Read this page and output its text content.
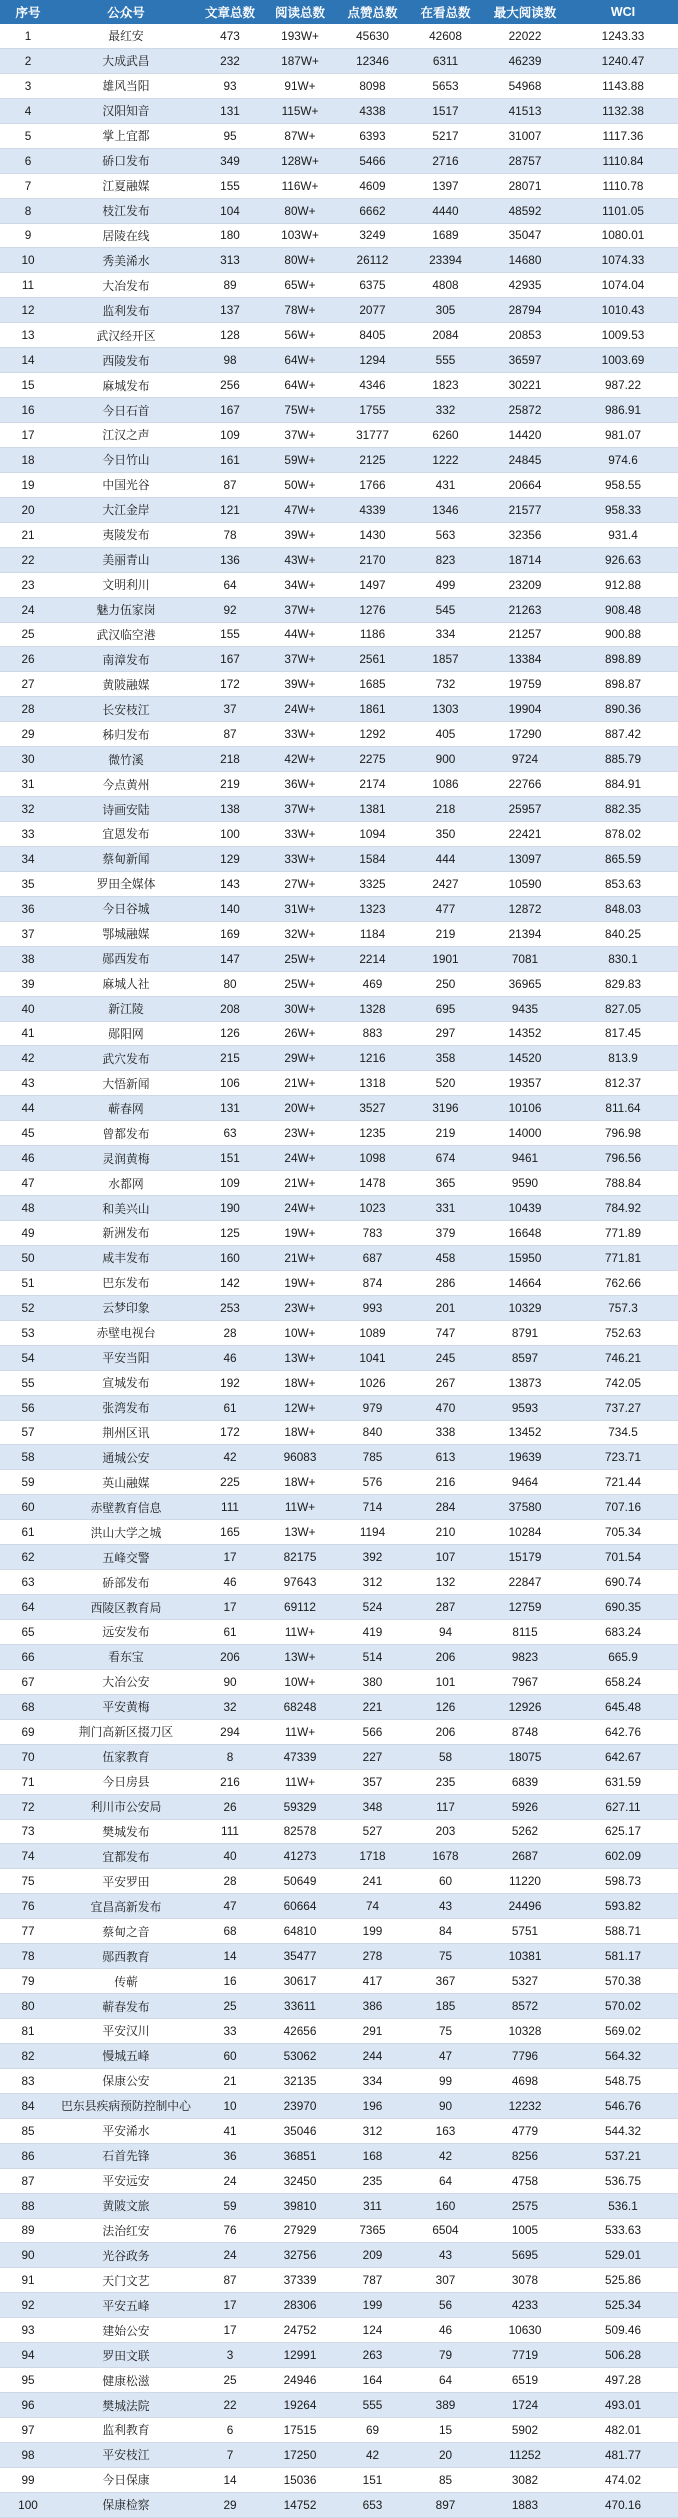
序号	公众号	文章总数	阅读总数	点赞总数	在看总数	最大阅读数	WCI
1	最红安	473	193W+	45630	42608	22022	1243.33
2	大成武昌	232	187W+	12346	6311	46239	1240.47
3	雄风当阳	93	91W+	8098	5653	54968	1143.88
4	汉阳知音	131	115W+	4338	1517	41513	1132.38
5	掌上宜都	95	87W+	6393	5217	31007	1117.36
6	硚口发布	349	128W+	5466	2716	28757	1110.84
7	江夏融媒	155	116W+	4609	1397	28071	1110.78
8	枝江发布	104	80W+	6662	4440	48592	1101.05
9	居陵在线	180	103W+	3249	1689	35047	1080.01
10	秀美浠水	313	80W+	26112	23394	14680	1074.33
11	大冶发布	89	65W+	6375	4808	42935	1074.04
12	监利发布	137	78W+	2077	305	28794	1010.43
13	武汉经开区	128	56W+	8405	2084	20853	1009.53
14	西陵发布	98	64W+	1294	555	36597	1003.69
15	麻城发布	256	64W+	4346	1823	30221	987.22
16	今日石首	167	75W+	1755	332	25872	986.91
17	江汉之声	109	37W+	31777	6260	14420	981.07
18	今日竹山	161	59W+	2125	1222	24845	974.6
19	中国光谷	87	50W+	1766	431	20664	958.55
20	大江金岸	121	47W+	4339	1346	21577	958.33
21	夷陵发布	78	39W+	1430	563	32356	931.4
22	美丽青山	136	43W+	2170	823	18714	926.63
23	文明利川	64	34W+	1497	499	23209	912.88
24	魅力伍家岗	92	37W+	1276	545	21263	908.48
25	武汉临空港	155	44W+	1186	334	21257	900.88
26	南漳发布	167	37W+	2561	1857	13384	898.89
27	黄陂融媒	172	39W+	1685	732	19759	898.87
28	长安枝江	37	24W+	1861	1303	19904	890.36
29	秭归发布	87	33W+	1292	405	17290	887.42
30	微竹溪	218	42W+	2275	900	9724	885.79
31	今点黄州	219	36W+	2174	1086	22766	884.91
32	诗画安陆	138	37W+	1381	218	25957	882.35
33	宜恩发布	100	33W+	1094	350	22421	878.02
34	蔡甸新闻	129	33W+	1584	444	13097	865.59
35	罗田全媒体	143	27W+	3325	2427	10590	853.63
36	今日谷城	140	31W+	1323	477	12872	848.03
37	鄂城融媒	169	32W+	1184	219	21394	840.25
38	郧西发布	147	25W+	2214	1901	7081	830.1
39	麻城人社	80	25W+	469	250	36965	829.83
40	新江陵	208	30W+	1328	695	9435	827.05
41	郧阳网	126	26W+	883	297	14352	817.45
42	武穴发布	215	29W+	1216	358	14520	813.9
43	大悟新闻	106	21W+	1318	520	19357	812.37
44	蕲春网	131	20W+	3527	3196	10106	811.64
45	曾都发布	63	23W+	1235	219	14000	796.98
46	灵润黄梅	151	24W+	1098	674	9461	796.56
47	水都网	109	21W+	1478	365	9590	788.84
48	和美兴山	190	24W+	1023	331	10439	784.92
49	新洲发布	125	19W+	783	379	16648	771.89
50	咸丰发布	160	21W+	687	458	15950	771.81
51	巴东发布	142	19W+	874	286	14664	762.66
52	云梦印象	253	23W+	993	201	10329	757.3
53	赤壁电视台	28	10W+	1089	747	8791	752.63
54	平安当阳	46	13W+	1041	245	8597	746.21
55	宣城发布	192	18W+	1026	267	13873	742.05
56	张湾发布	61	12W+	979	470	9593	737.27
57	荆州区讯	172	18W+	840	338	13452	734.5
58	通城公安	42	96083	785	613	19639	723.71
59	英山融媒	225	18W+	576	216	9464	721.44
60	赤壁教育信息	111	11W+	714	284	37580	707.16
61	洪山大学之城	165	13W+	1194	210	10284	705.34
62	五峰交警	17	82175	392	107	15179	701.54
63	硚部发布	46	97643	312	132	22847	690.74
64	西陵区教育局	17	69112	524	287	12759	690.35
65	远安发布	61	11W+	419	94	8115	683.24
66	看东宝	206	13W+	514	206	9823	665.9
67	大冶公安	90	10W+	380	101	7967	658.24
68	平安黄梅	32	68248	221	126	12926	645.48
69	荆门高新区掇刀区	294	11W+	566	206	8748	642.76
70	伍家教育	8	47339	227	58	18075	642.67
71	今日房县	216	11W+	357	235	6839	631.59
72	利川市公安局	26	59329	348	117	5926	627.11
73	樊城发布	111	82578	527	203	5262	625.17
74	宜都发布	40	41273	1718	1678	2687	602.09
75	平安罗田	28	50649	241	60	11220	598.73
76	宜昌高新发布	47	60664	74	43	24496	593.82
77	蔡甸之音	68	64810	199	84	5751	588.71
78	郧西教育	14	35477	278	75	10381	581.17
79	传蕲	16	30617	417	367	5327	570.38
80	蕲春发布	25	33611	386	185	8572	570.02
81	平安汉川	33	42656	291	75	10328	569.02
82	慢城五峰	60	53062	244	47	7796	564.32
83	保康公安	21	32135	334	99	4698	548.75
84	巴东县疾病预防控制中心	10	23970	196	90	12232	546.76
85	平安浠水	41	35046	312	163	4779	544.32
86	石首先锋	36	36851	168	42	8256	537.21
87	平安远安	24	32450	235	64	4758	536.75
88	黄陂文旅	59	39810	311	160	2575	536.1
89	法治红安	76	27929	7365	6504	1005	533.63
90	光谷政务	24	32756	209	43	5695	529.01
91	天门文艺	87	37339	787	307	3078	525.86
92	平安五峰	17	28306	199	56	4233	525.34
93	建始公安	17	24752	124	46	10630	509.46
94	罗田文联	3	12991	263	79	7719	506.28
95	健康松滋	25	24946	164	64	6519	497.28
96	樊城法院	22	19264	555	389	1724	493.01
97	监利教育	6	17515	69	15	5902	482.01
98	平安枝江	7	17250	42	20	11252	481.77
99	今日保康	14	15036	151	85	3082	474.02
100	保康检察	29	14752	653	897	1883	470.16
